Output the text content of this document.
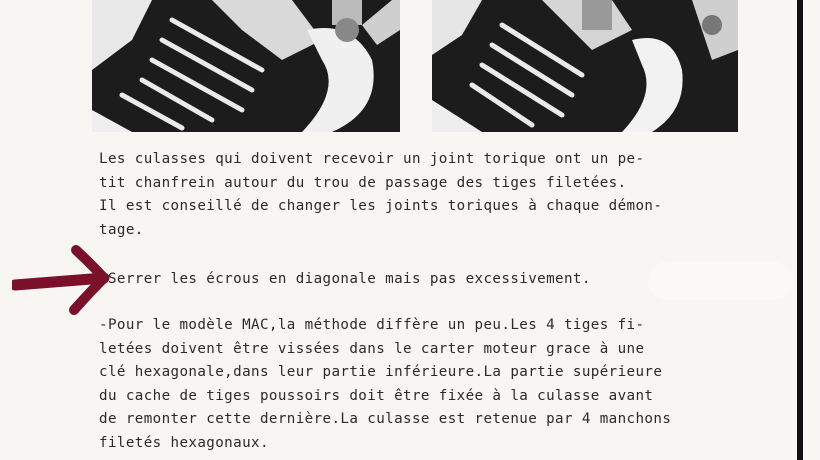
Les culasses qui doivent recevoir un joint torique ont un pe-
tit chanfrein autour du trou de passage des tiges filetées.
Il est conseillé de changer les joints toriques à chaque démon-
tage.

-Serrer les écrous en diagonale mais pas excessivement.

-Pour le modèle MAC,la méthode diffère un peu.Les 4 tiges fi-
letées doivent être vissées dans le carter moteur grace à une
clé hexagonale,dans leur partie inférieure.La partie supérieure
du cache de tiges poussoirs doit être fixée à la culasse avant
de remonter cette dernière.La culasse est retenue par 4 manchons
filetés hexagonaux.
